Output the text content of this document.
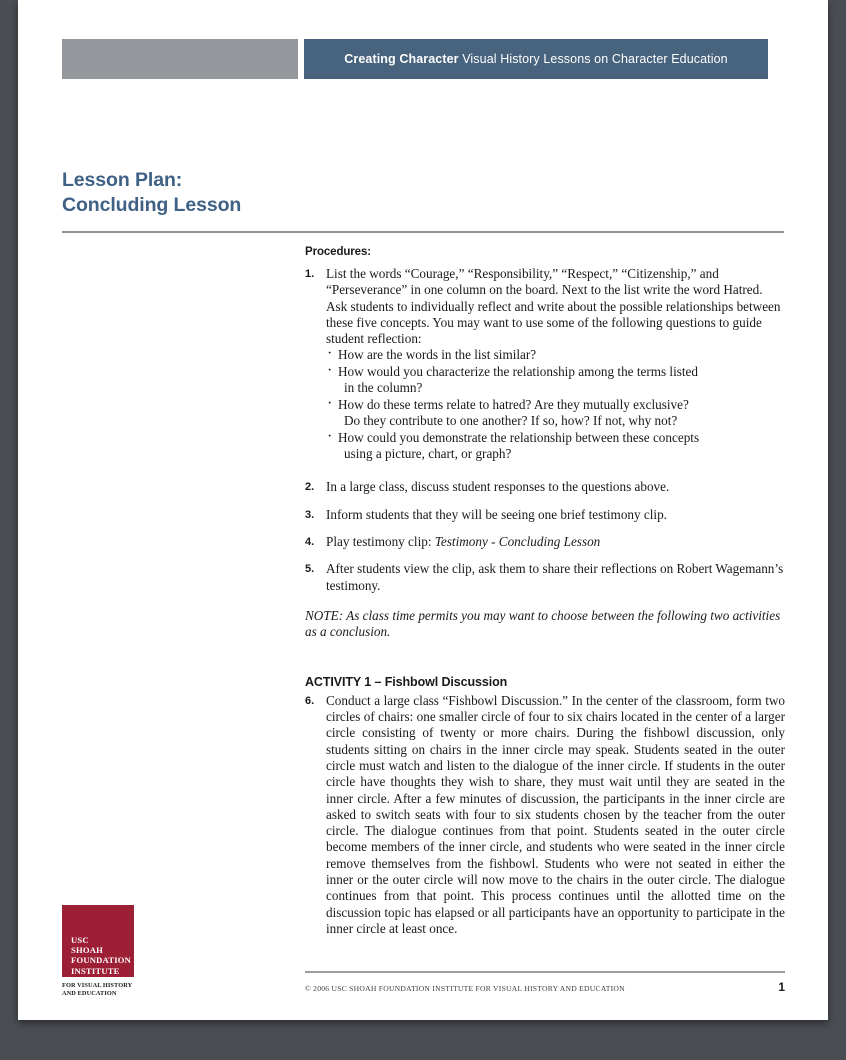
Creating Character Visual History Lessons on Character Education
Lesson Plan:
Concluding Lesson
Procedures:
1. List the words “Courage,” “Responsibility,” “Respect,” “Citizenship,” and “Perseverance” in one column on the board. Next to the list write the word Hatred. Ask students to individually reflect and write about the possible relationships between these five concepts. You may want to use some of the following questions to guide student reflection:
· How are the words in the list similar?
· How would you characterize the relationship among the terms listed
in the column?
· How do these terms relate to hatred? Are they mutually exclusive?
Do they contribute to one another? If so, how? If not, why not?
· How could you demonstrate the relationship between these concepts
using a picture, chart, or graph?
2. In a large class, discuss student responses to the questions above.
3. Inform students that they will be seeing one brief testimony clip.
4. Play testimony clip: Testimony - Concluding Lesson
5. After students view the clip, ask them to share their reflections on Robert Wagemann’s testimony.

NOTE: As class time permits you may want to choose between the following two activities as a conclusion.

ACTIVITY 1 – Fishbowl Discussion
6. Conduct a large class “Fishbowl Discussion.” In the center of the classroom, form two circles of chairs: one smaller circle of four to six chairs located in the center of a larger circle consisting of twenty or more chairs. During the fishbowl discussion, only students sitting on chairs in the inner circle may speak. Students seated in the outer circle must watch and listen to the dialogue of the inner circle. If students in the outer circle have thoughts they wish to share, they must wait until they are seated in the inner circle. After a few minutes of discussion, the participants in the inner circle are asked to switch seats with four to six students chosen by the teacher from the outer circle. The dialogue continues from that point. Students seated in the outer circle become members of the inner circle, and students who were seated in the inner circle remove themselves from the fishbowl. Students who were not seated in either the inner or the outer circle will now move to the chairs in the outer circle. The dialogue continues from that point. This process continues until the allotted time on the discussion topic has elapsed or all participants have an opportunity to participate in the inner circle at least once.
USC
SHOAH
FOUNDATION
INSTITUTE
FOR VISUAL HISTORY
AND EDUCATION
© 2006 USC SHOAH FOUNDATION INSTITUTE FOR VISUAL HISTORY AND EDUCATION	1
